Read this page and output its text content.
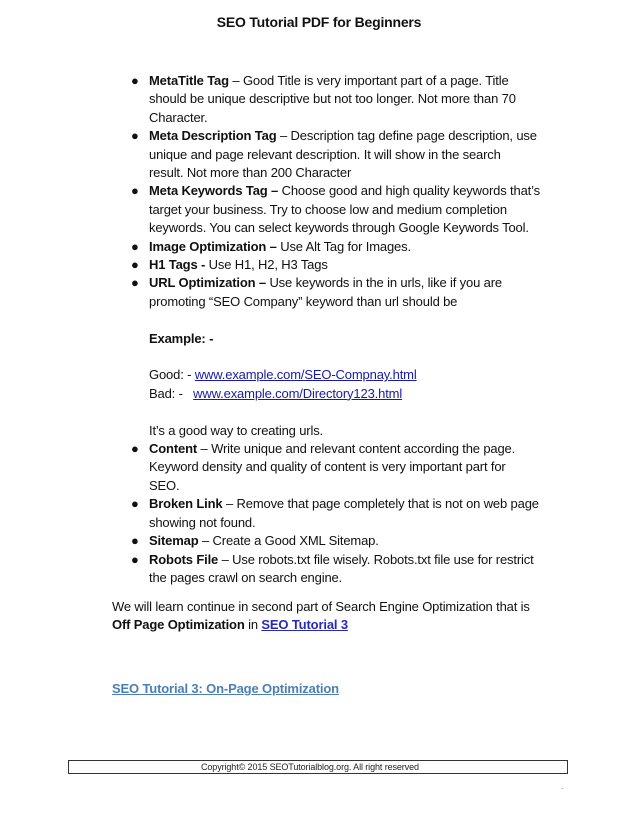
SEO Tutorial PDF for Beginners
● MetaTitle Tag – Good Title is very important part of a page. Title
should be unique descriptive but not too longer. Not more than 70
Character.
● Meta Description Tag – Description tag define page description, use
unique and page relevant description. It will show in the search
result. Not more than 200 Character
● Meta Keywords Tag – Choose good and high quality keywords that’s
target your business. Try to choose low and medium completion
keywords. You can select keywords through Google Keywords Tool.
● Image Optimization – Use Alt Tag for Images.
● H1 Tags - Use H1, H2, H3 Tags
● URL Optimization – Use keywords in the in urls, like if you are
promoting “SEO Company” keyword than url should be
Example: -
Good: - www.example.com/SEO-Compnay.html
Bad: -   www.example.com/Directory123.html
It’s a good way to creating urls.
● Content – Write unique and relevant content according the page.
Keyword density and quality of content is very important part for
SEO.
● Broken Link – Remove that page completely that is not on web page
showing not found.
● Sitemap – Create a Good XML Sitemap.
● Robots File – Use robots.txt file wisely. Robots.txt file use for restrict
the pages crawl on search engine.
We will learn continue in second part of Search Engine Optimization that is
Off Page Optimization in SEO Tutorial 3
SEO Tutorial 3: On-Page Optimization
Copyright© 2015 SEOTutorialblog.org. All right reserved
.
